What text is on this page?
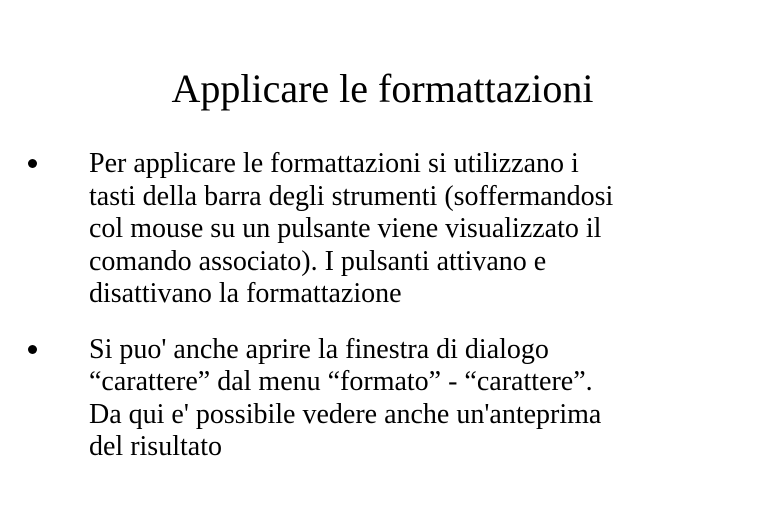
Applicare le formattazioni
Per applicare le formattazioni si utilizzano i
tasti della barra degli strumenti (soffermandosi
col mouse su un pulsante viene visualizzato il
comando associato). I pulsanti attivano e
disattivano la formattazione
Si puo' anche aprire la finestra di dialogo
“carattere” dal menu “formato” - “carattere”.
Da qui e' possibile vedere anche un'anteprima
del risultato
